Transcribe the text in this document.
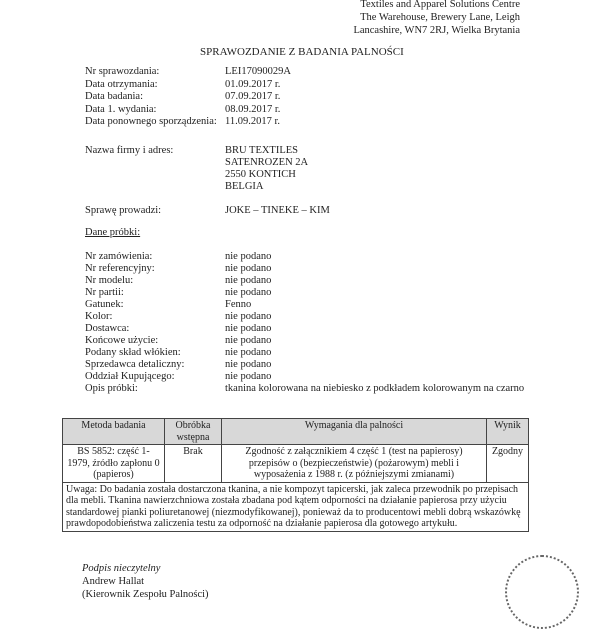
Textiles and Apparel Solutions Centre
The Warehouse, Brewery Lane, Leigh
Lancashire, WN7 2RJ, Wielka Brytania
SPRAWOZDANIE Z BADANIA PALNOŚCI
Nr sprawozdania:	LEI17090029A
Data otrzymania:	01.09.2017 r.
Data badania:	07.09.2017 r.
Data 1. wydania:	08.09.2017 r.
Data ponownego sporządzenia: 11.09.2017 r.
Nazwa firmy i adres:	BRU TEXTILES
SATENROZEN 2A
2550 KONTICH
BELGIA
Sprawę prowadzi:	JOKE – TINEKE – KIM
Dane próbki:
Nr zamówienia:	nie podano
Nr referencyjny:	nie podano
Nr modelu:	nie podano
Nr partii:	nie podano
Gatunek:	Fenno
Kolor:	nie podano
Dostawca:	nie podano
Końcowe użycie:	nie podano
Podany skład włókien:	nie podano
Sprzedawca detaliczny:	nie podano
Oddział Kupującego:	nie podano
Opis próbki:	tkanina kolorowana na niebiesko z podkładem kolorowanym na czarno
Metoda badania	Obróbka wstępna	Wymagania dla palności	Wynik
BS 5852: część 1- 1979, źródło zapłonu 0 (papieros)	Brak	Zgodność z załącznikiem 4 część 1 (test na papierosy) przepisów o (bezpieczeństwie) (pożarowym) mebli i wyposażenia z 1988 r. (z późniejszymi zmianami)	Zgodny
Uwaga: Do badania została dostarczona tkanina, a nie kompozyt tapicerski, jak zaleca przewodnik po przepisach dla mebli. Tkanina nawierzchniowa została zbadana pod kątem odporności na działanie papierosa przy użyciu standardowej pianki poliuretanowej (niezmodyfikowanej), ponieważ da to producentowi mebli dobrą wskazówkę prawdopodobieństwa zaliczenia testu za odporność na działanie papierosa dla gotowego artykułu.			
Podpis nieczytelny
Andrew Hallat
(Kierownik Zespołu Palności)
